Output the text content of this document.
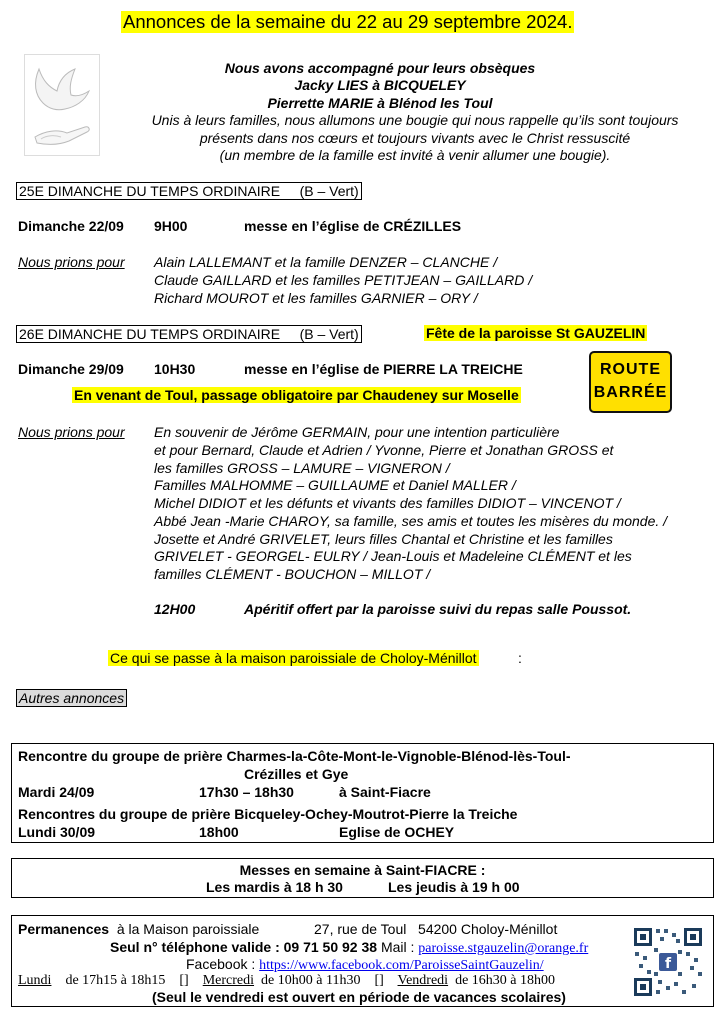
Annonces de la semaine du 22 au 29 septembre 2024.
Nous avons accompagné pour leurs obsèques
Jacky LIES à BICQUELEY
Pierrette MARIE à Blénod les Toul
Unis à leurs familles, nous allumons une bougie qui nous rappelle qu’ils sont toujours
présents dans nos cœurs et toujours vivants avec le Christ ressuscité
(un membre de la famille est invité à venir allumer une bougie).
25E DIMANCHE DU TEMPS ORDINAIRE     (B – Vert)
Dimanche 22/09 9H00	messe en l’église de CRÉZILLES
Nous prions pour Alain LALLEMANT et la famille DENZER – CLANCHE /
Claude GAILLARD et les familles PETITJEAN – GAILLARD /
Richard MOUROT et les familles GARNIER – ORY /
26E DIMANCHE DU TEMPS ORDINAIRE     (B – Vert)	Fête de la paroisse St GAUZELIN
Dimanche 29/09 10H30	messe en l’église de PIERRE LA TREICHE
En venant de Toul, passage obligatoire par Chaudeney sur Moselle
ROUTE
BARRÉE
Nous prions pour En souvenir de Jérôme GERMAIN, pour une intention particulière
et pour Bernard, Claude et Adrien / Yvonne, Pierre et Jonathan GROSS et
les familles GROSS – LAMURE – VIGNERON /
Familles MALHOMME – GUILLAUME et Daniel MALLER /
Michel DIDIOT et les défunts et vivants des familles DIDIOT – VINCENOT /
Abbé Jean -Marie CHAROY, sa famille, ses amis et toutes les misères du monde. /
Josette et André GRIVELET, leurs filles Chantal et Christine et les familles
GRIVELET - GEORGEL- EULRY / Jean-Louis et Madeleine CLÉMENT et les
familles CLÉMENT - BOUCHON – MILLOT /
12H00	Apéritif offert par la paroisse suivi du repas salle Poussot.
Ce qui se passe à la maison paroissiale de Choloy-Ménillot	:
Autres annonces
Rencontre du groupe de prière Charmes-la-Côte-Mont-le-Vignoble-Blénod-lès-Toul-
Crézilles et Gye
Mardi 24/09	17h30 – 18h30	à Saint-Fiacre
Rencontres du groupe de prière Bicqueley-Ochey-Moutrot-Pierre la Treiche
Lundi 30/09	18h00	Eglise de OCHEY
Messes en semaine à Saint-FIACRE :
Les mardis à 18 h 30	Les jeudis à 19 h 00
Permanences à la Maison paroissiale	27, rue de Toul   54200 Choloy-Ménillot
Seul n° téléphone valide : 09 71 50 92 38 Mail : paroisse.stgauzelin@orange.fr
Facebook : https://www.facebook.com/ParoisseSaintGauzelin/
Lundi de 17h15 à 18h15 [] Mercredi de 10h00 à 11h30 [] Vendredi de 16h30 à 18h00
(Seul le vendredi est ouvert en période de vacances scolaires)
f
